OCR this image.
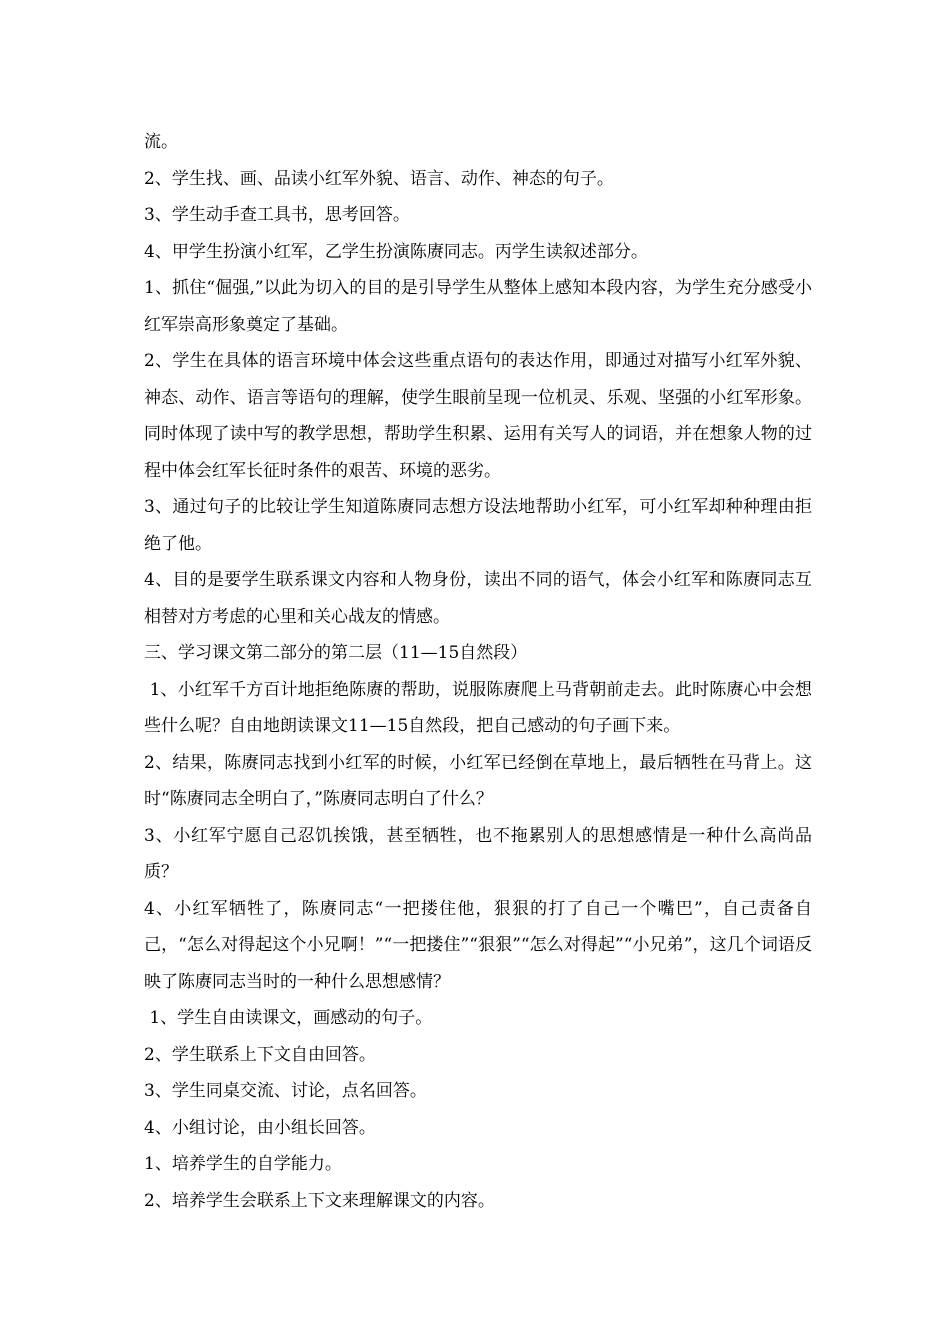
流。

2、学生找、画、品读小红军外貌、语言、动作、神态的句子。

3、学生动手查工具书，思考回答。

4、甲学生扮演小红军，乙学生扮演陈赓同志。丙学生读叙述部分。

1、抓住“倔强,”以此为切入的目的是引导学生从整体上感知本段内容，为学生充分感受小红军崇高形象奠定了基础。

2、学生在具体的语言环境中体会这些重点语句的表达作用，即通过对描写小红军外貌、神态、动作、语言等语句的理解，使学生眼前呈现一位机灵、乐观、坚强的小红军形象。同时体现了读中写的教学思想，帮助学生积累、运用有关写人的词语，并在想象人物的过程中体会红军长征时条件的艰苦、环境的恶劣。

3、通过句子的比较让学生知道陈赓同志想方设法地帮助小红军，可小红军却种种理由拒绝了他。

4、目的是要学生联系课文内容和人物身份，读出不同的语气，体会小红军和陈赓同志互相替对方考虑的心里和关心战友的情感。

三、学习课文第二部分的第二层（11—15自然段）

1、小红军千方百计地拒绝陈赓的帮助，说服陈赓爬上马背朝前走去。此时陈赓心中会想些什么呢？自由地朗读课文11—15自然段，把自己感动的句子画下来。

2、结果，陈赓同志找到小红军的时候，小红军已经倒在草地上，最后牺牲在马背上。这时“陈赓同志全明白了，”陈赓同志明白了什么？

3、小红军宁愿自己忍饥挨饿，甚至牺牲，也不拖累别人的思想感情是一种什么高尚品质？

4、小红军牺牲了，陈赓同志“一把搂住他，狠狠的打了自己一个嘴巴”，自己责备自己，“怎么对得起这个小兄啊！”“一把搂住”“狠狠”“怎么对得起”“小兄弟”，这几个词语反映了陈赓同志当时的一种什么思想感情？

1、学生自由读课文，画感动的句子。

2、学生联系上下文自由回答。

3、学生同桌交流、讨论，点名回答。

4、小组讨论，由小组长回答。

1、培养学生的自学能力。

2、培养学生会联系上下文来理解课文的内容。
